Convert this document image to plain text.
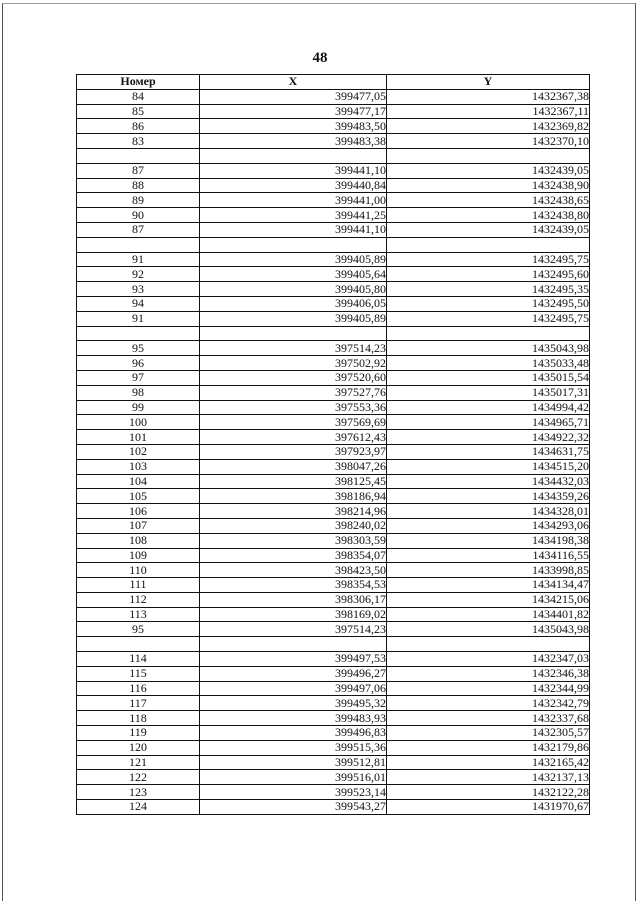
48
Номер	X	Y
84	399477,05	1432367,38
85	399477,17	1432367,11
86	399483,50	1432369,82
83	399483,38	1432370,10

87	399441,10	1432439,05
88	399440,84	1432438,90
89	399441,00	1432438,65
90	399441,25	1432438,80
87	399441,10	1432439,05

91	399405,89	1432495,75
92	399405,64	1432495,60
93	399405,80	1432495,35
94	399406,05	1432495,50
91	399405,89	1432495,75

95	397514,23	1435043,98
96	397502,92	1435033,48
97	397520,60	1435015,54
98	397527,76	1435017,31
99	397553,36	1434994,42
100	397569,69	1434965,71
101	397612,43	1434922,32
102	397923,97	1434631,75
103	398047,26	1434515,20
104	398125,45	1434432,03
105	398186,94	1434359,26
106	398214,96	1434328,01
107	398240,02	1434293,06
108	398303,59	1434198,38
109	398354,07	1434116,55
110	398423,50	1433998,85
111	398354,53	1434134,47
112	398306,17	1434215,06
113	398169,02	1434401,82
95	397514,23	1435043,98

114	399497,53	1432347,03
115	399496,27	1432346,38
116	399497,06	1432344,99
117	399495,32	1432342,79
118	399483,93	1432337,68
119	399496,83	1432305,57
120	399515,36	1432179,86
121	399512,81	1432165,42
122	399516,01	1432137,13
123	399523,14	1432122,28
124	399543,27	1431970,67
